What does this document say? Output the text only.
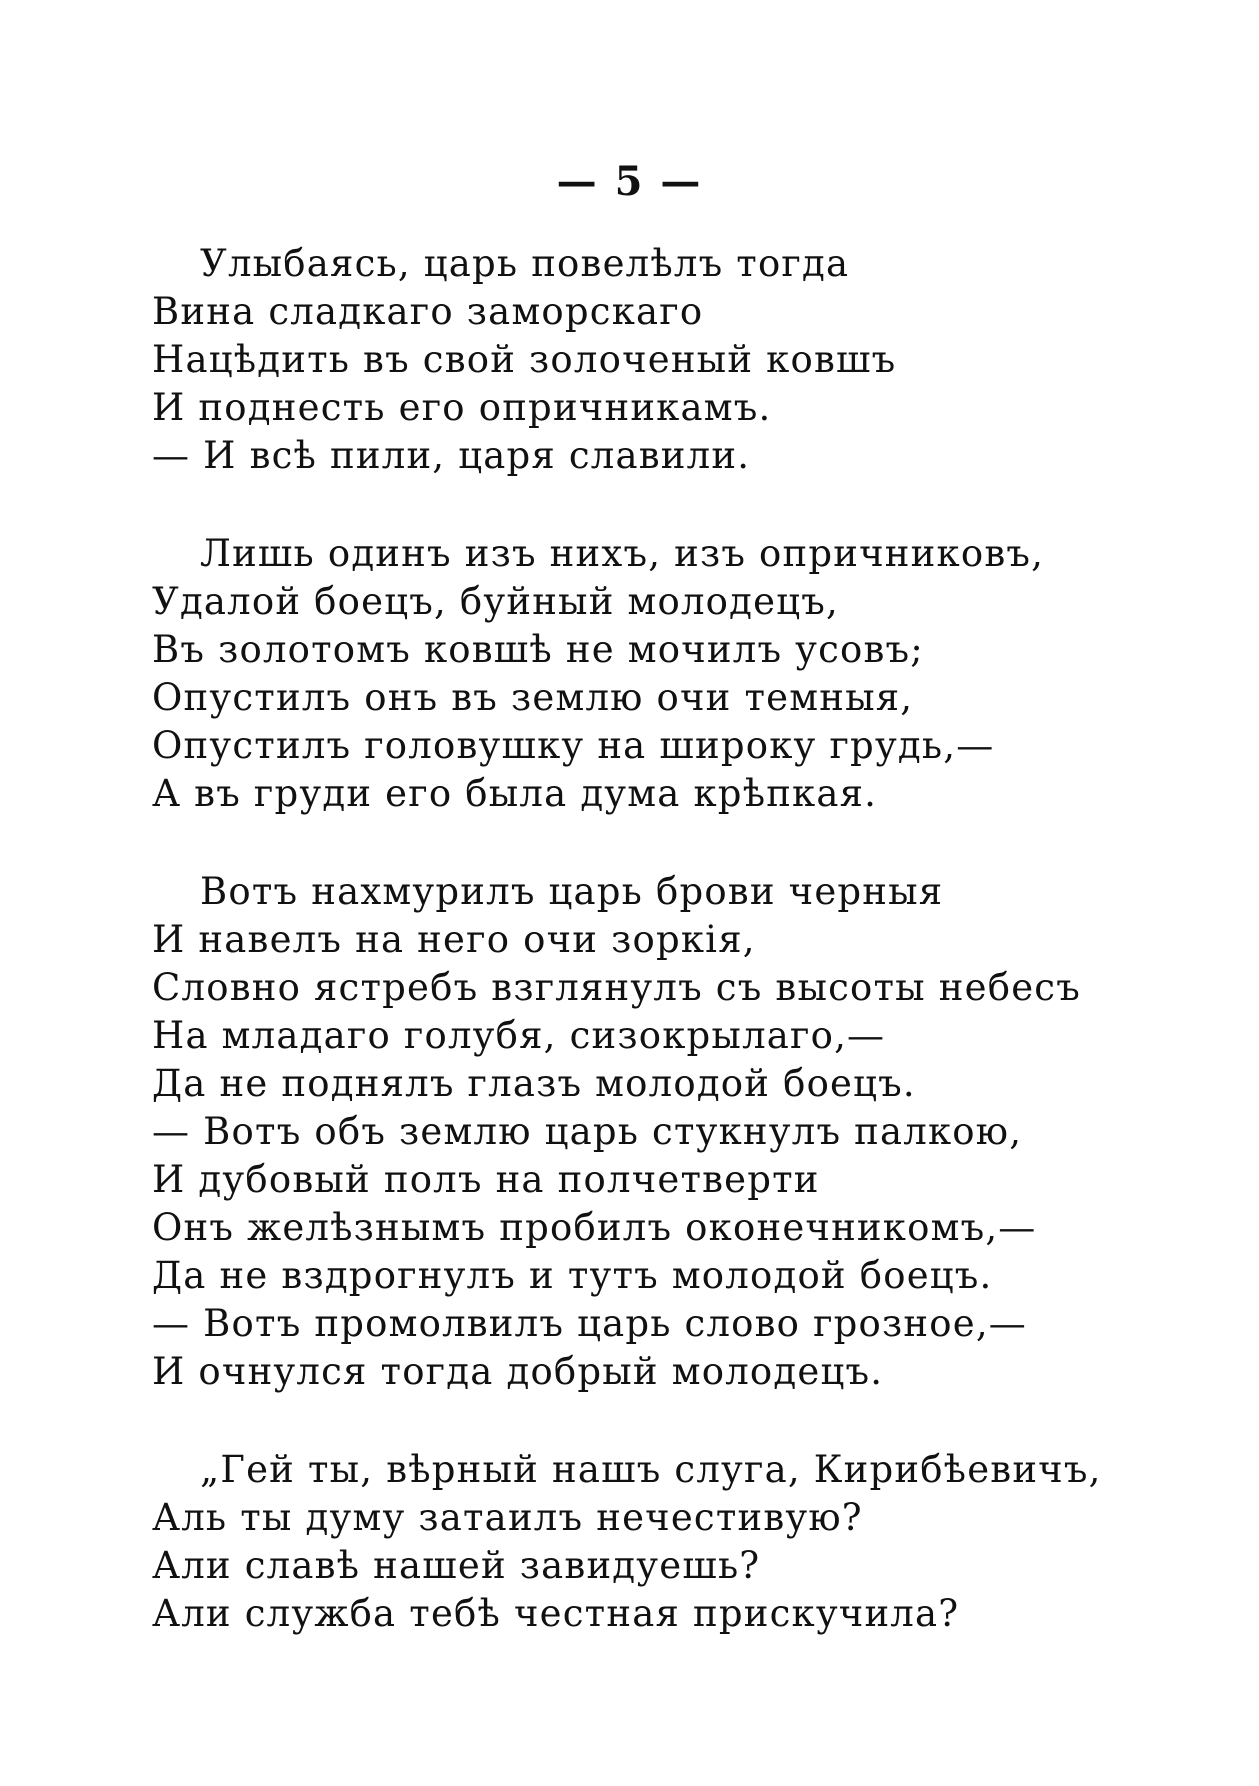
— 5 —
Улыбаясь, царь повелѣлъ тогда
Вина сладкаго заморскаго
Нацѣдить въ свой золоченый ковшъ
И поднесть его опричникамъ.
— И всѣ пили, царя славили.
Лишь одинъ изъ нихъ, изъ опричниковъ,
Удалой боецъ, буйный молодецъ,
Въ золотомъ ковшѣ не мочилъ усовъ;
Опустилъ онъ въ землю очи темныя,
Опустилъ головушку на широку грудь,—
А въ груди его была дума крѣпкая.
Вотъ нахмурилъ царь брови черныя
И навелъ на него очи зоркія,
Словно ястребъ взглянулъ съ высоты небесъ
На младаго голубя, сизокрылаго,—
Да не поднялъ глазъ молодой боецъ.
— Вотъ объ землю царь стукнулъ палкою,
И дубовый полъ на полчетверти
Онъ желѣзнымъ пробилъ оконечникомъ,—
Да не вздрогнулъ и тутъ молодой боецъ.
— Вотъ промолвилъ царь слово грозное,—
И очнулся тогда добрый молодецъ.
„Гей ты, вѣрный нашъ слуга, Кирибѣевичъ,
Аль ты думу затаилъ нечестивую?
Али славѣ нашей завидуешь?
Али служба тебѣ честная прискучила?
